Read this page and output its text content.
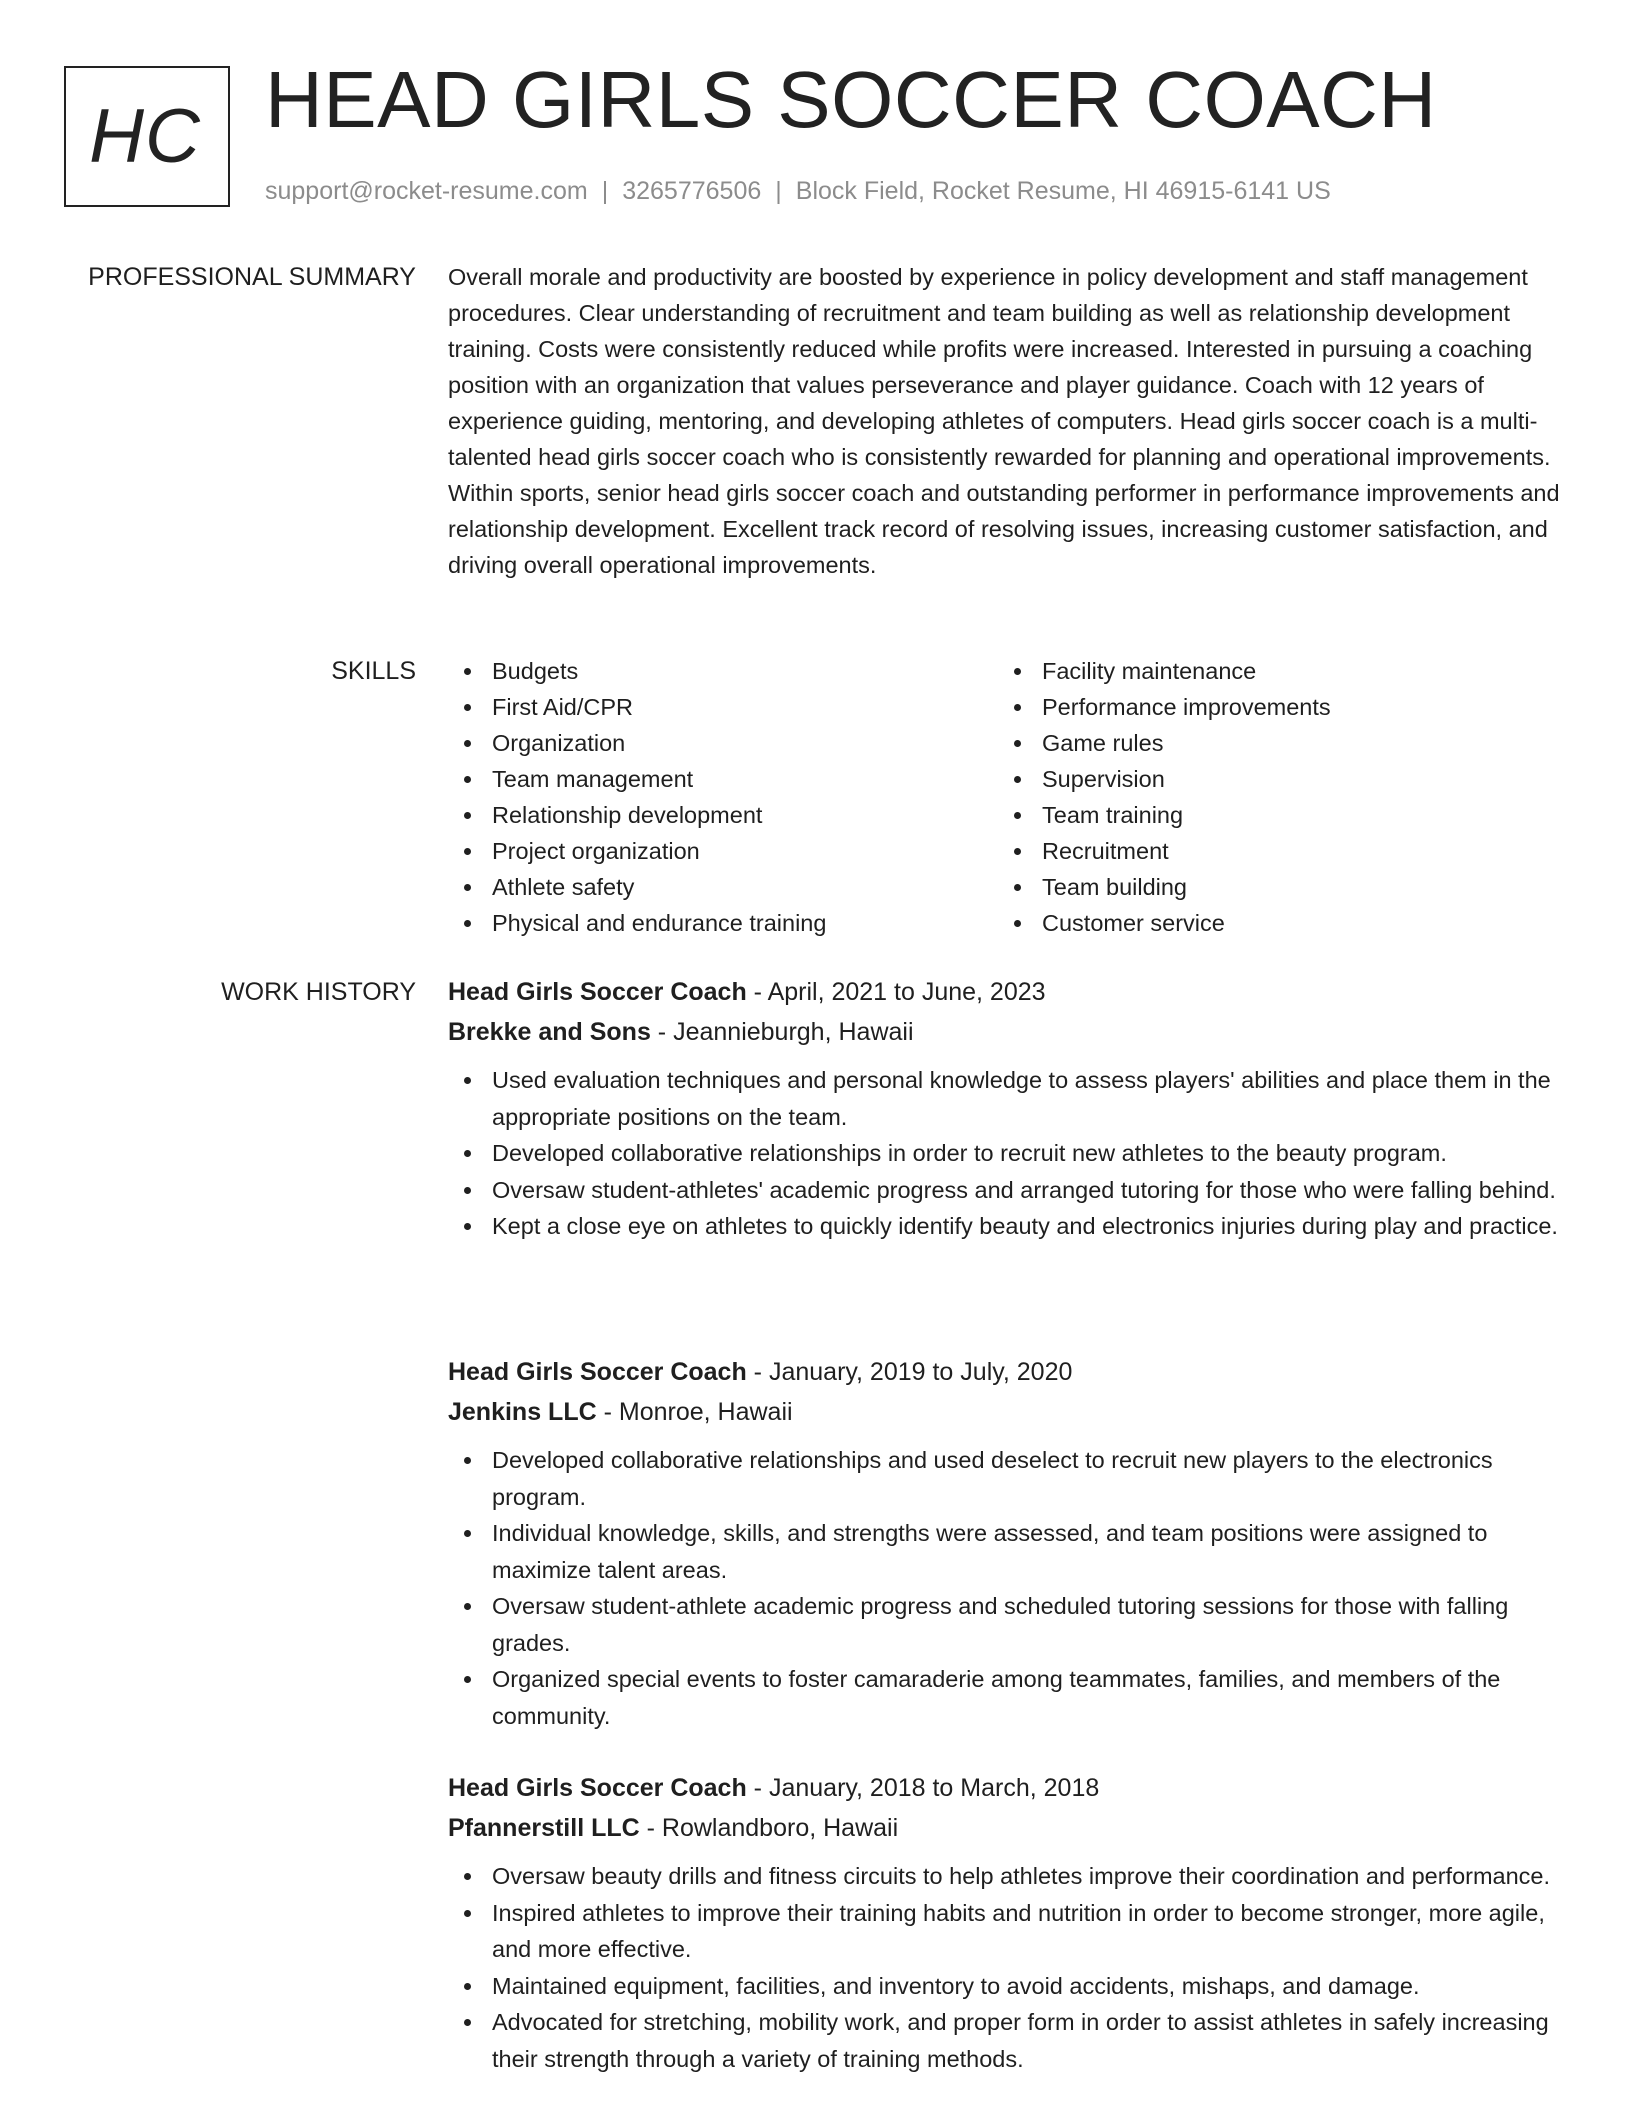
HC HEAD GIRLS SOCCER COACH
support@rocket-resume.com | 3265776506 | Block Field, Rocket Resume, HI 46915-6141 US
PROFESSIONAL SUMMARY Overall morale and productivity are boosted by experience in policy development and staff management procedures. Clear understanding of recruitment and team building as well as relationship development training. Costs were consistently reduced while profits were increased. Interested in pursuing a coaching position with an organization that values perseverance and player guidance. Coach with 12 years of experience guiding, mentoring, and developing athletes of computers. Head girls soccer coach is a multi-talented head girls soccer coach who is consistently rewarded for planning and operational improvements. Within sports, senior head girls soccer coach and outstanding performer in performance improvements and relationship development. Excellent track record of resolving issues, increasing customer satisfaction, and driving overall operational improvements.

SKILLS	Budgets
First Aid/CPR
Organization
Team management
Relationship development
Project organization
Athlete safety
Physical and endurance training
Facility maintenance
Performance improvements
Game rules
Supervision
Team training
Recruitment
Team building
Customer service
WORK HISTORY Head Girls Soccer Coach - April, 2021 to June, 2023
Brekke and Sons - Jeannieburgh, Hawaii
Used evaluation techniques and personal knowledge to assess players' abilities and place them in the appropriate positions on the team.
Developed collaborative relationships in order to recruit new athletes to the beauty program.
Oversaw student-athletes' academic progress and arranged tutoring for those who were falling behind.
Kept a close eye on athletes to quickly identify beauty and electronics injuries during play and practice.
Head Girls Soccer Coach - January, 2019 to July, 2020
Jenkins LLC - Monroe, Hawaii
Developed collaborative relationships and used deselect to recruit new players to the electronics program.
Individual knowledge, skills, and strengths were assessed, and team positions were assigned to maximize talent areas.
Oversaw student-athlete academic progress and scheduled tutoring sessions for those with falling grades.
Organized special events to foster camaraderie among teammates, families, and members of the community.
Head Girls Soccer Coach - January, 2018 to March, 2018
Pfannerstill LLC - Rowlandboro, Hawaii
Oversaw beauty drills and fitness circuits to help athletes improve their coordination and performance.
Inspired athletes to improve their training habits and nutrition in order to become stronger, more agile, and more effective.
Maintained equipment, facilities, and inventory to avoid accidents, mishaps, and damage.
Advocated for stretching, mobility work, and proper form in order to assist athletes in safely increasing their strength through a variety of training methods.
